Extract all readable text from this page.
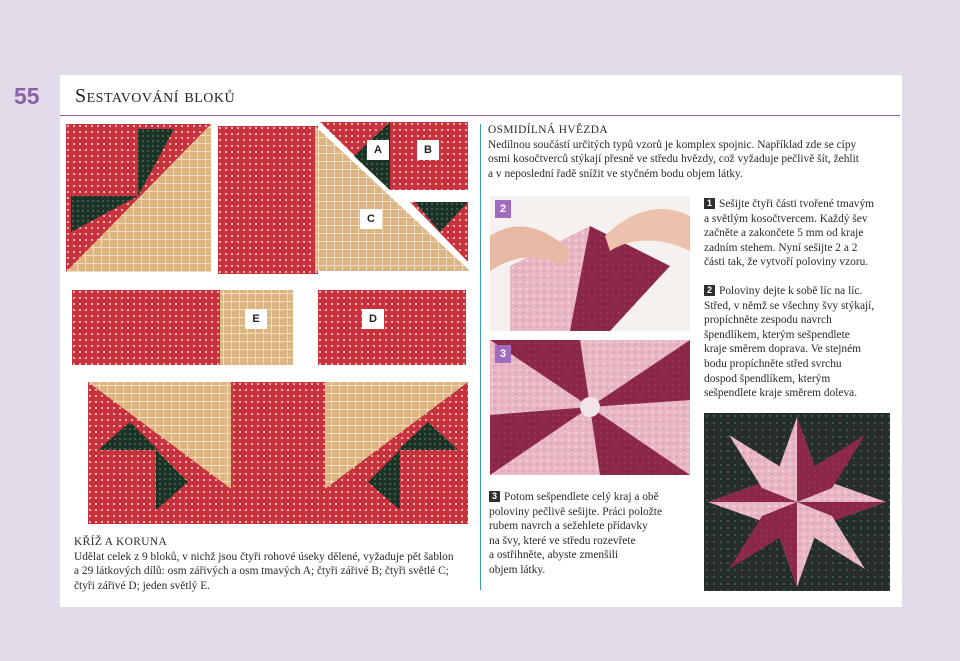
55 Sestavování bloků
A	B
C
E	D
KŘÍŽ A KORUNA
Udělat celek z 9 bloků, v nichž jsou čtyři rohové úseky dělené, vyžaduje pět šablon
a 29 látkových dílů: osm zářivých a osm tmavých A; čtyři zářivé B; čtyři světlé C;
čtyři zářivé D; jeden světlý E.
OSMIDÍLNÁ HVĚZDA
Nedílnou součástí určitých typů vzorů je komplex spojnic. Například zde se cípy
osmi kosočtverců stýkají přesně ve středu hvězdy, což vyžaduje pečlivě šít, žehlit
a v neposlední řadě snížit ve styčném bodu objem látky.
2
3
1 Sešijte čtyři části tvořené tmavým
a světlým kosočtvercem. Každý šev
začněte a zakončete 5 mm od kraje
zadním stehem. Nyní sešijte 2 a 2
části tak, že vytvoří poloviny vzoru.
2 Poloviny dejte k sobě líc na líc.
Střed, v němž se všechny švy stýkají,
propíchněte zespodu navrch
špendlíkem, kterým sešpendlete
kraje směrem doprava. Ve stejném
bodu propíchněte střed svrchu
dospod špendlíkem, kterým
sešpendlete kraje směrem doleva.
3 Potom sešpendlete celý kraj a obě
poloviny pečlivě sešijte. Práci položte
rubem navrch a sežehlete přídavky
na švy, které ve středu rozevřete
a ostřihněte, abyste zmenšili
objem látky.
